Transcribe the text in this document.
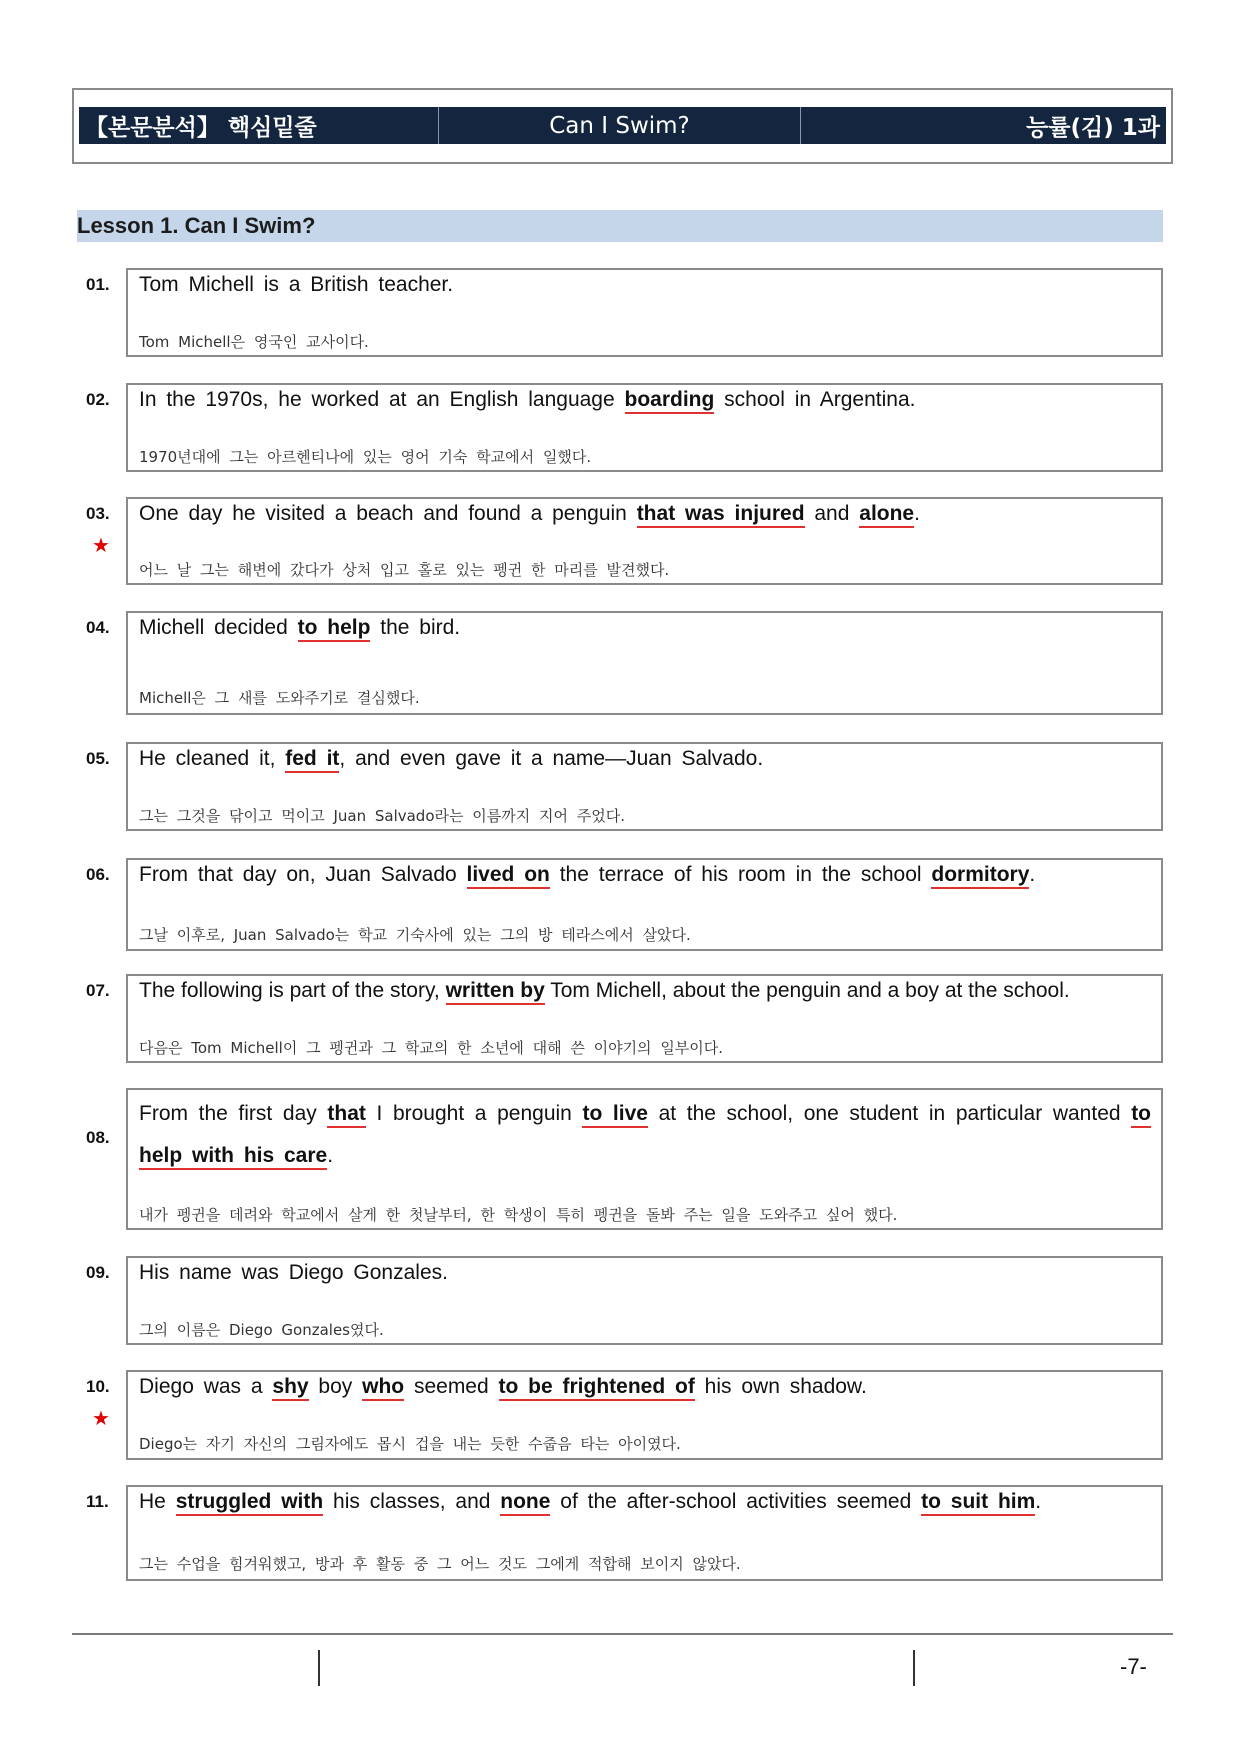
【본문분석】 핵심밑줄	Can I Swim?	능률(김) 1과
Lesson 1. Can I Swim?
01. Tom Michell is a British teacher.
Tom Michell은 영국인 교사이다.
02. In the 1970s, he worked at an English language boarding school in Argentina.
1970년대에 그는 아르헨티나에 있는 영어 기숙 학교에서 일했다.
03.
★
One day he visited a beach and found a penguin that was injured and alone.
어느 날 그는 해변에 갔다가 상처 입고 홀로 있는 펭귄 한 마리를 발견했다.
04. Michell decided to help the bird.
Michell은 그 새를 도와주기로 결심했다.
05. He cleaned it, fed it, and even gave it a name—Juan Salvado.
그는 그것을 닦이고 먹이고 Juan Salvado라는 이름까지 지어 주었다.
06. From that day on, Juan Salvado lived on the terrace of his room in the school dormitory.
그날 이후로, Juan Salvado는 학교 기숙사에 있는 그의 방 테라스에서 살았다.
07. The following is part of the story, written by Tom Michell, about the penguin and a boy at the school.
다음은 Tom Michell이 그 펭귄과 그 학교의 한 소년에 대해 쓴 이야기의 일부이다.
08.
From the first day that I brought a penguin to live at the school, one student in particular wanted to help with his care.
내가 펭귄을 데려와 학교에서 살게 한 첫날부터, 한 학생이 특히 펭귄을 돌봐 주는 일을 도와주고 싶어 했다.
09. His name was Diego Gonzales.
그의 이름은 Diego Gonzales였다.
10.
★
Diego was a shy boy who seemed to be frightened of his own shadow.
Diego는 자기 자신의 그림자에도 몹시 겁을 내는 듯한 수줍음 타는 아이였다.
11. He struggled with his classes, and none of the after-school activities seemed to suit him.
그는 수업을 힘겨워했고, 방과 후 활동 중 그 어느 것도 그에게 적합해 보이지 않았다.
-7-
